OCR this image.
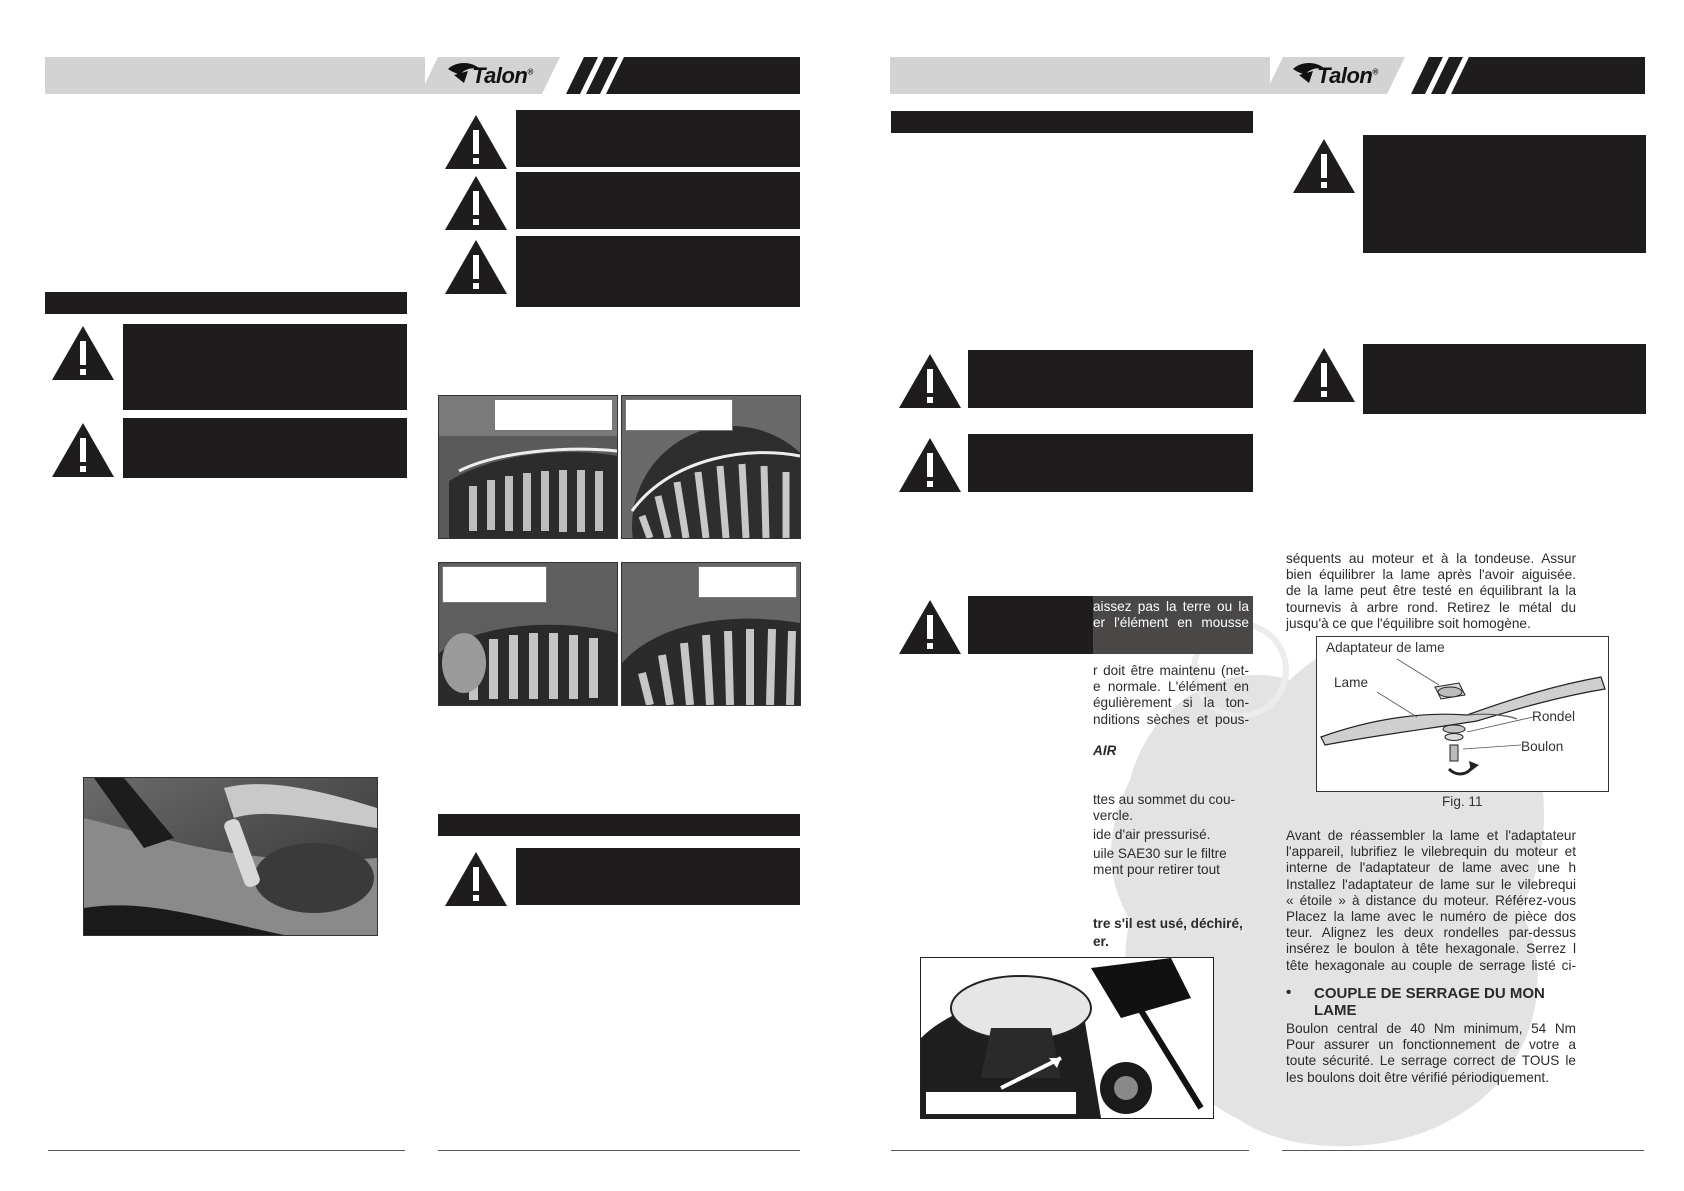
Talon®	Talon®

aissez pas la terre ou la

er l'élément en mousse

r doit être maintenu (net-

e normale. L'élément en

égulièrement si la ton-

nditions sèches et pous-

AIR

ttes au sommet du cou-

vercle.

ide d'air pressurisé.

uile SAE30 sur le filtre

ment pour retirer tout

tre s'il est usé, déchiré,

er.

séquents au moteur et à la tondeuse. Assur

bien équilibrer la lame après l'avoir aiguisée.

de la lame peut être testé en équilibrant la la

tournevis à arbre rond. Retirez le métal du

jusqu'à ce que l'équilibre soit homogène.

Adaptateur de lame
Lame
Rondel
Boulon
Fig. 11

Avant de réassembler la lame et l'adaptateur

l'appareil, lubrifiez le vilebrequin du moteur et

interne de l'adaptateur de lame avec une h

Installez l'adaptateur de lame sur le vilebrequi

« étoile » à distance du moteur. Référez-vous

Placez la lame avec le numéro de pièce dos

teur. Alignez les deux rondelles par-dessus

insérez le boulon à tête hexagonale. Serrez l

tête hexagonale au couple de serrage listé ci-

• COUPLE DE SERRAGE DU MON

LAME

Boulon central de 40 Nm minimum, 54 Nm

Pour assurer un fonctionnement de votre a

toute sécurité. Le serrage correct de TOUS le

les boulons doit être vérifié périodiquement.
